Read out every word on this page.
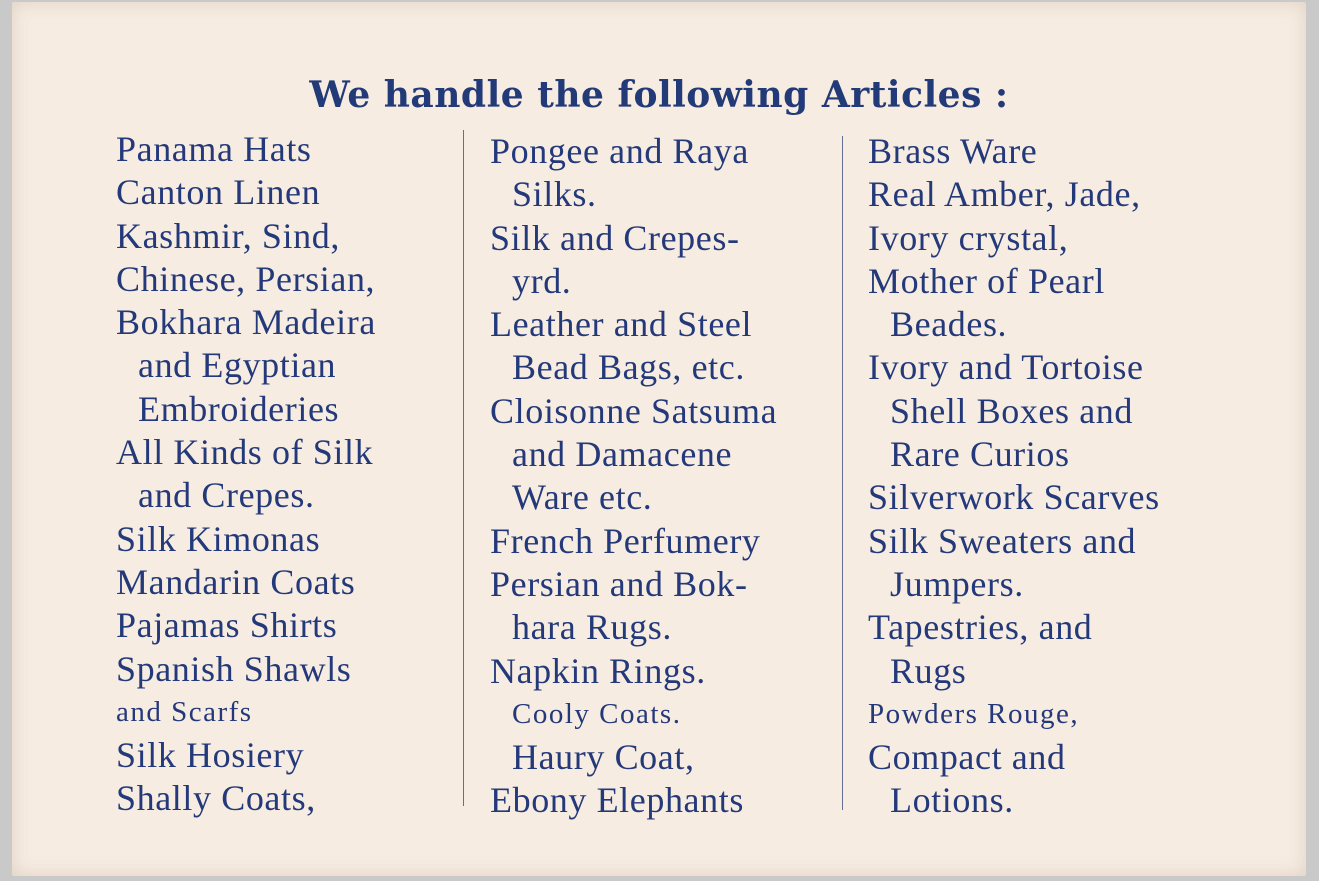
We handle the following Articles :
Panama Hats
Canton Linen
Kashmir, Sind,
Chinese, Persian,
Bokhara Madeira
and Egyptian
Embroideries
All Kinds of Silk
and Crepes.
Silk Kimonas
Mandarin Coats
Pajamas Shirts
Spanish Shawls
and Scarfs
Silk Hosiery
Shally Coats,
Pongee and Raya
Silks.
Silk and Crepes-
yrd.
Leather and Steel
Bead Bags, etc.
Cloisonne Satsuma
and Damacene
Ware etc.
French Perfumery
Persian and Bok-
hara Rugs.
Napkin Rings.
Cooly Coats.
Haury Coat,
Ebony Elephants
Brass Ware
Real Amber, Jade,
Ivory crystal,
Mother of Pearl
Beades.
Ivory and Tortoise
Shell Boxes and
Rare Curios
Silverwork Scarves
Silk Sweaters and
Jumpers.
Tapestries, and
Rugs
Powders Rouge,
Compact and
Lotions.
